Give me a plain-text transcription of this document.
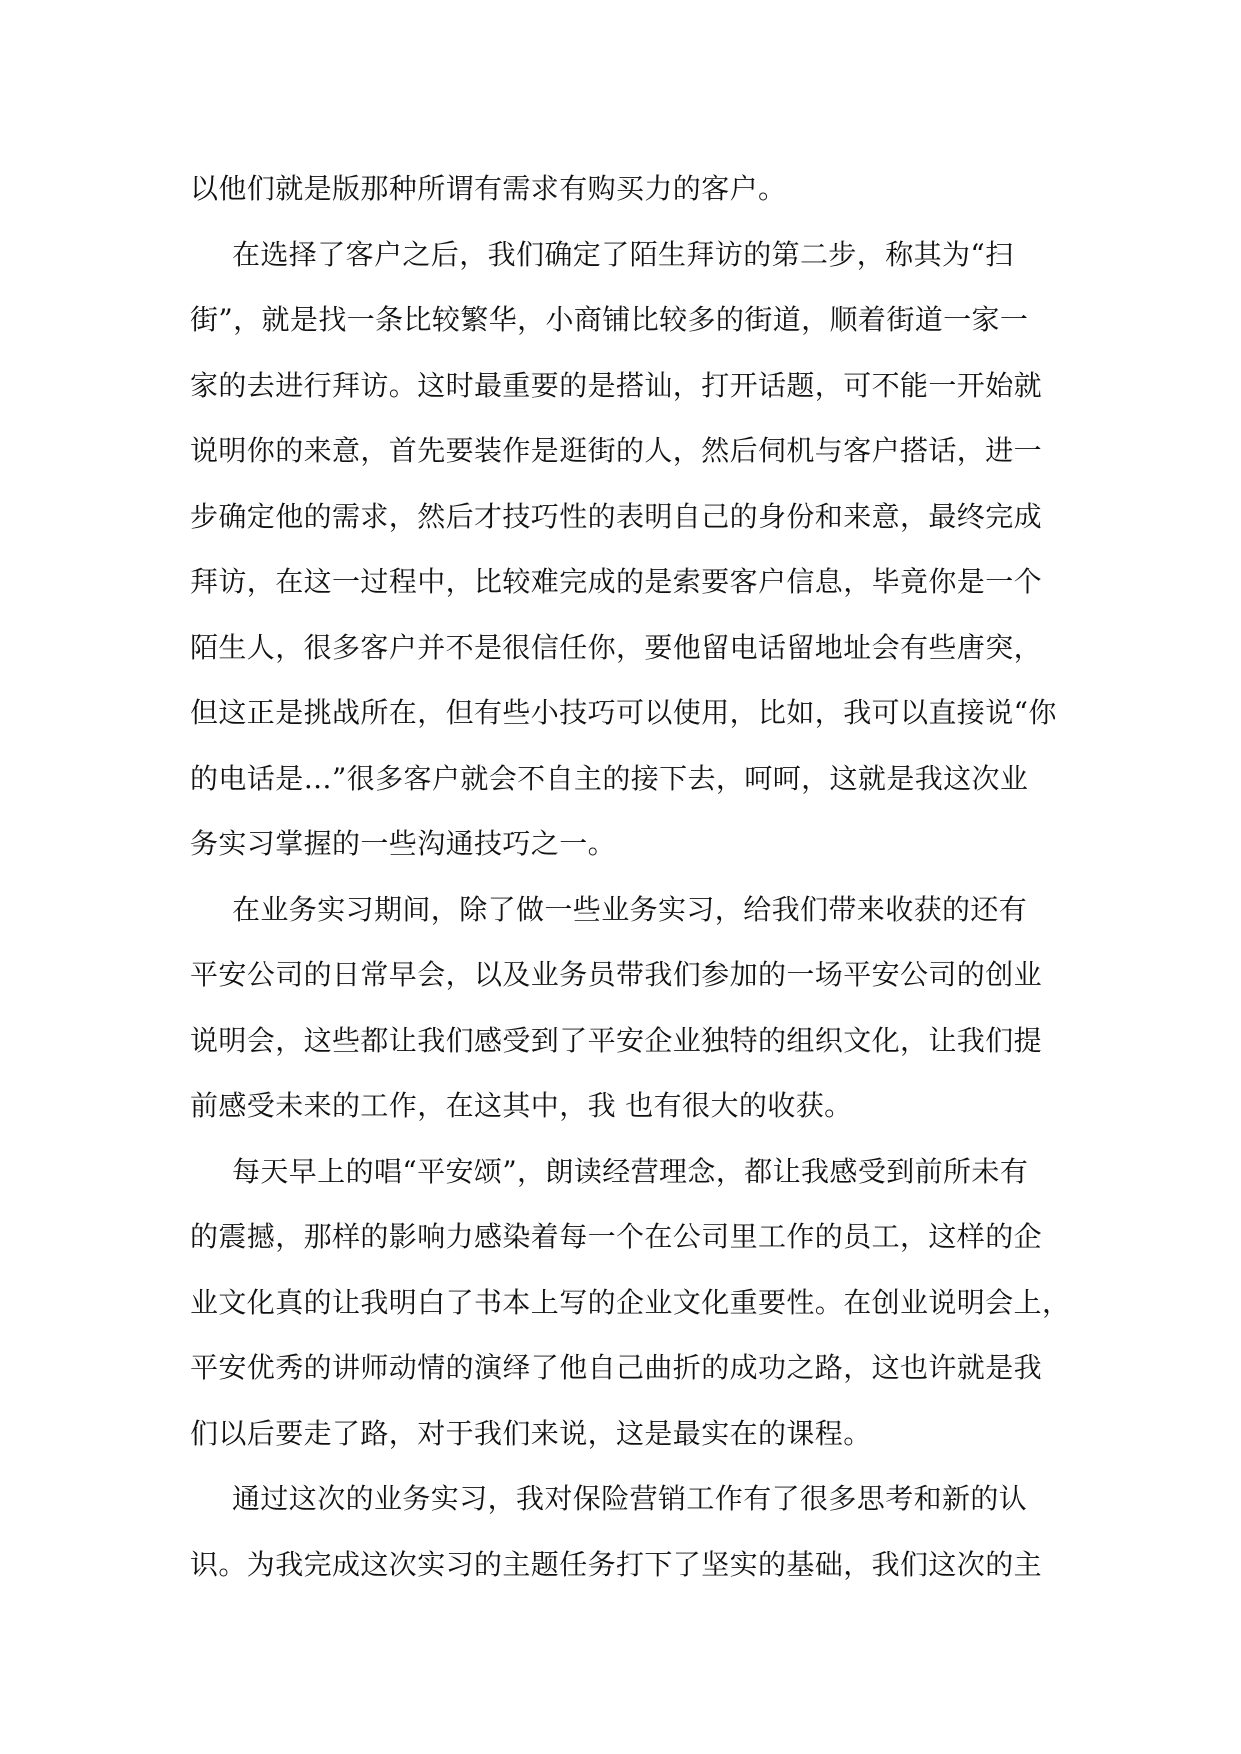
以他们就是版那种所谓有需求有购买力的客户。
在选择了客户之后，我们确定了陌生拜访的第二步，称其为“扫
街”，就是找一条比较繁华，小商铺比较多的街道，顺着街道一家一
家的去进行拜访。这时最重要的是搭讪，打开话题，可不能一开始就
说明你的来意，首先要装作是逛街的人，然后伺机与客户搭话，进一
步确定他的需求，然后才技巧性的表明自己的身份和来意，最终完成
拜访，在这一过程中，比较难完成的是索要客户信息，毕竟你是一个
陌生人，很多客户并不是很信任你，要他留电话留地址会有些唐突，
但这正是挑战所在，但有些小技巧可以使用，比如，我可以直接说“你
的电话是…”很多客户就会不自主的接下去，呵呵，这就是我这次业
务实习掌握的一些沟通技巧之一。
在业务实习期间，除了做一些业务实习，给我们带来收获的还有
平安公司的日常早会，以及业务员带我们参加的一场平安公司的创业
说明会，这些都让我们感受到了平安企业独特的组织文化，让我们提
前感受未来的工作，在这其中，我 也有很大的收获。
每天早上的唱“平安颂”，朗读经营理念，都让我感受到前所未有
的震撼，那样的影响力感染着每一个在公司里工作的员工，这样的企
业文化真的让我明白了书本上写的企业文化重要性。在创业说明会上，
平安优秀的讲师动情的演绎了他自己曲折的成功之路，这也许就是我
们以后要走了路，对于我们来说，这是最实在的课程。
通过这次的业务实习，我对保险营销工作有了很多思考和新的认
识。为我完成这次实习的主题任务打下了坚实的基础，我们这次的主
